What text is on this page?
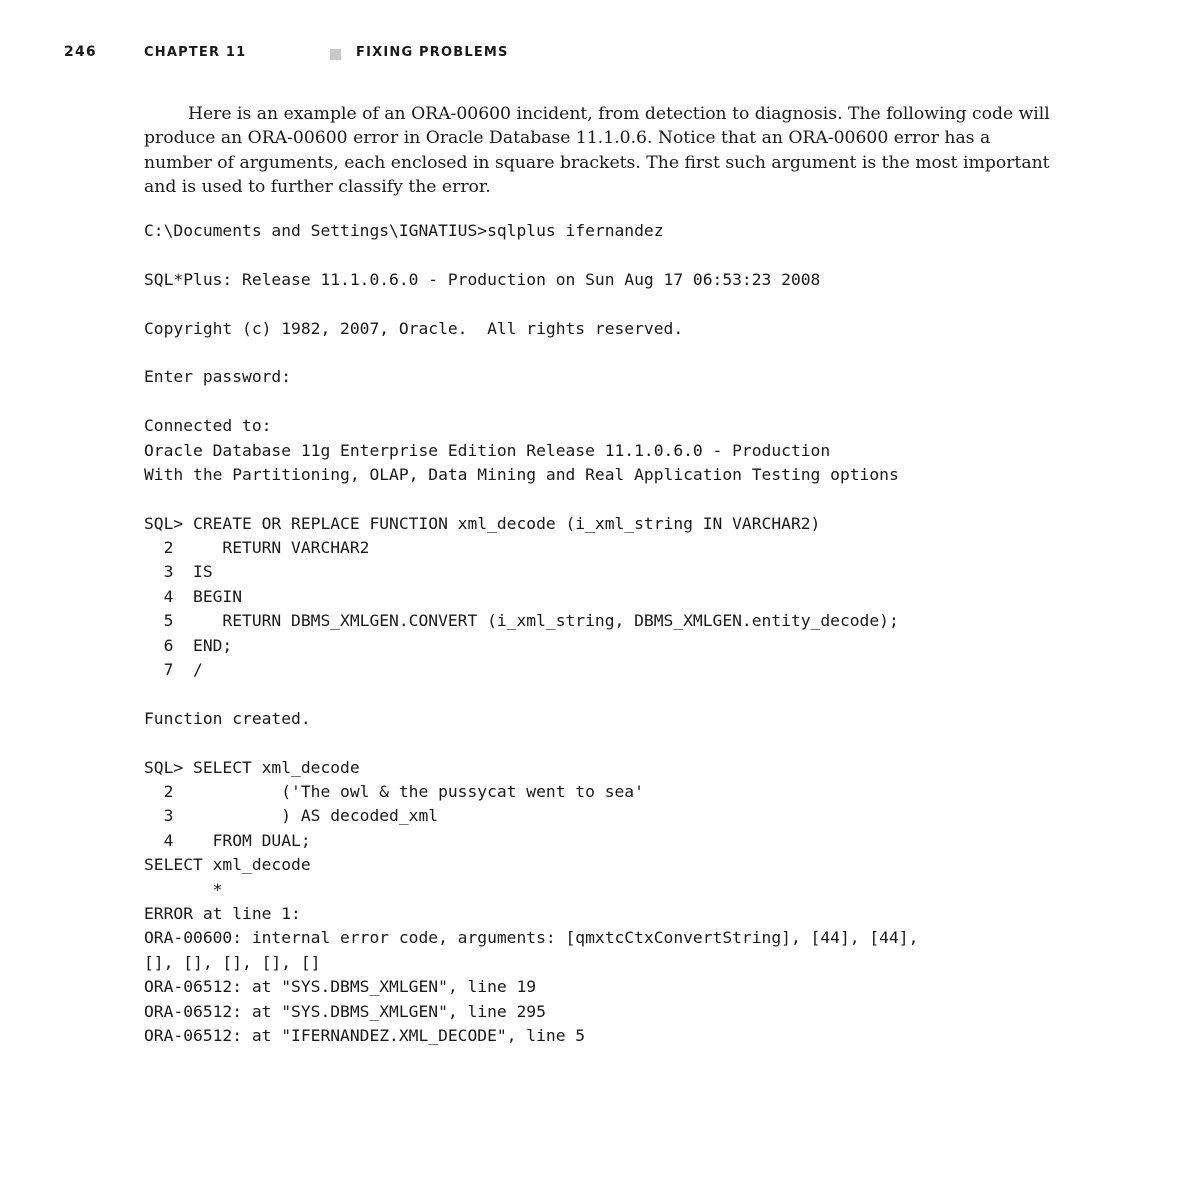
246	CHAPTER 11	FIXING PROBLEMS

Here is an example of an ORA-00600 incident, from detection to diagnosis. The following code will produce an ORA-00600 error in Oracle Database 11.1.0.6. Notice that an ORA-00600 error has a number of arguments, each enclosed in square brackets. The first such argument is the most important and is used to further classify the error.

C:\Documents and Settings\IGNATIUS>sqlplus ifernandez
SQL*Plus: Release 11.1.0.6.0 - Production on Sun Aug 17 06:53:23 2008
Copyright (c) 1982, 2007, Oracle.  All rights reserved.
Enter password:
Connected to:
Oracle Database 11g Enterprise Edition Release 11.1.0.6.0 - Production
With the Partitioning, OLAP, Data Mining and Real Application Testing options
SQL> CREATE OR REPLACE FUNCTION xml_decode (i_xml_string IN VARCHAR2)
2     RETURN VARCHAR2
3  IS
4  BEGIN
5     RETURN DBMS_XMLGEN.CONVERT (i_xml_string, DBMS_XMLGEN.entity_decode);
6  END;
7  /
Function created.
SQL> SELECT xml_decode
2           ('The owl & the pussycat went to sea'
3           ) AS decoded_xml
4    FROM DUAL;
SELECT xml_decode
*
ERROR at line 1:
ORA-00600: internal error code, arguments: [qmxtcCtxConvertString], [44], [44],
[], [], [], [], []
ORA-06512: at "SYS.DBMS_XMLGEN", line 19
ORA-06512: at "SYS.DBMS_XMLGEN", line 295
ORA-06512: at "IFERNANDEZ.XML_DECODE", line 5
